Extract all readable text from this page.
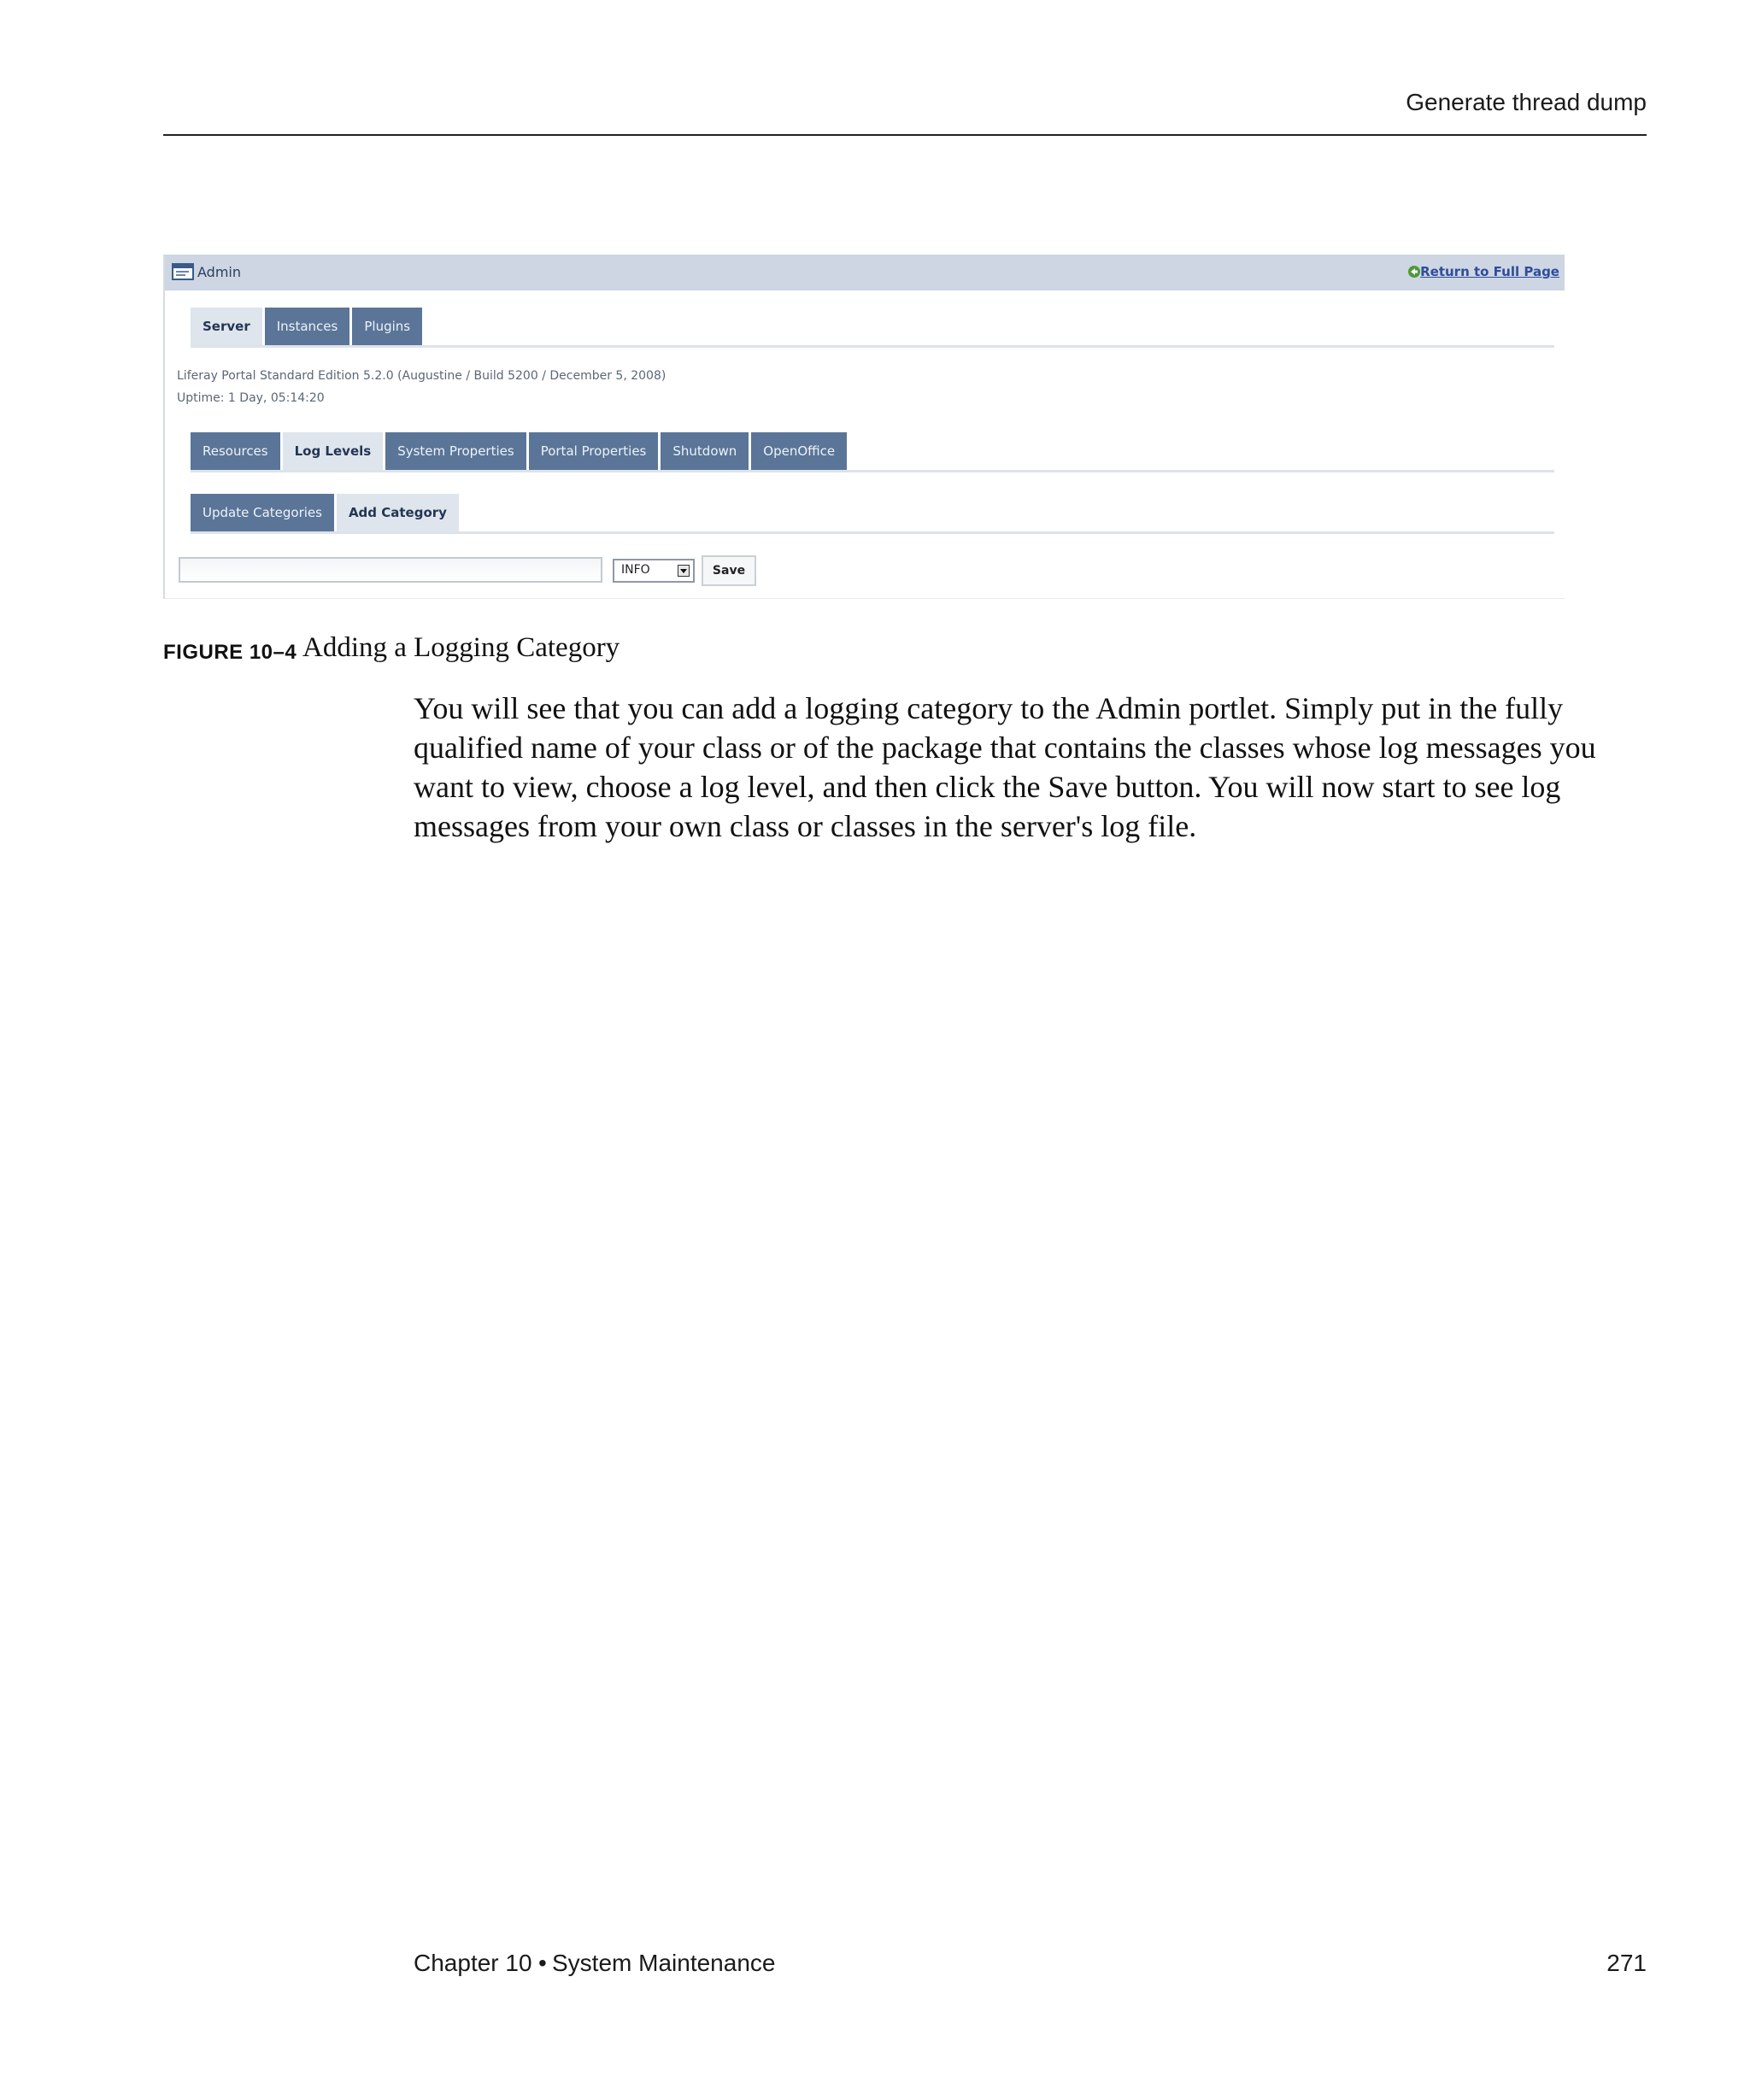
Generate thread dump
Admin	Return to Full Page
Server	Instances	Plugins
Liferay Portal Standard Edition 5.2.0 (Augustine / Build 5200 / December 5, 2008)
Uptime: 1 Day, 05:14:20
Resources	Log Levels	System Properties	Portal Properties	Shutdown	OpenOffice
Update Categories	Add Category
INFO	Save
FIGURE 10–4 Adding a Logging Category

You will see that you can add a logging category to the Admin portlet. Simply put in the fully qualified name of your class or of the package that contains the classes whose log messages you want to view, choose a log level, and then click the Save button. You will now start to see log messages from your own class or classes in the server's log file.

Chapter 10 • System Maintenance	271
